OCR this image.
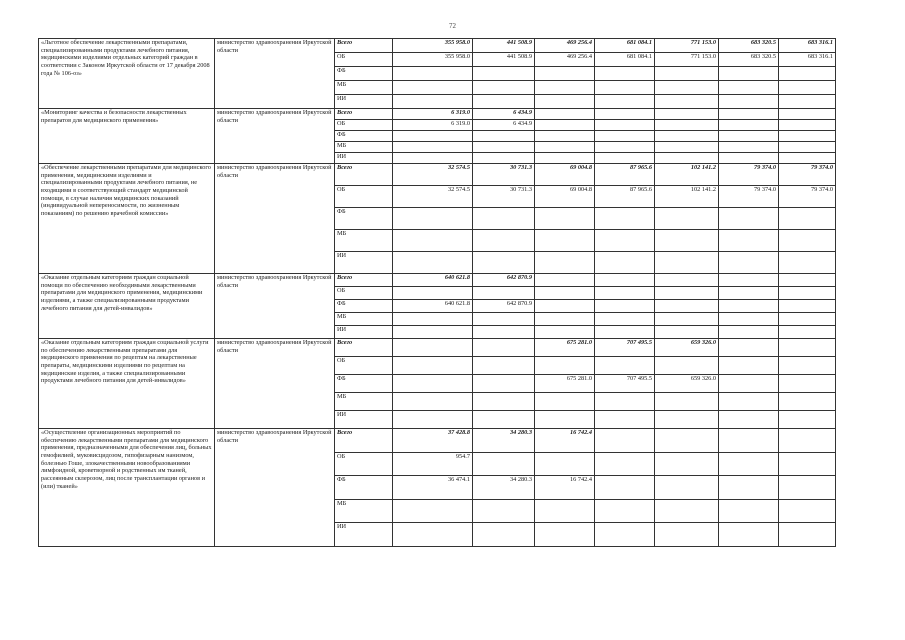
72
«Льготное обеспечение лекарственными препаратами, специализированными продуктами лечебного питания, медицинскими изделиями отдельных категорий граждан в соответствии с Законом Иркутской области от 17 декабря 2008 года № 106-оз»	министерство здравоохранения Иркутской области	Всего	355 958.0	441 508.9	469 256.4	681 084.1	771 153.0	683 320.5	683 316.1
		ОБ	355 958.0	441 508.9	469 256.4	681 084.1	771 153.0	683 320.5	683 316.1
		ФБ							
		МБ							
		ИИ							
«Мониторинг качества и безопасности лекарственных препаратов для медицинского применения»	министерство здравоохранения Иркутской области	Всего	6 319.0	6 434.9					
		ОБ	6 319.0	6 434.9					
		ФБ							
		МБ							
		ИИ							
«Обеспечение лекарственными препаратами для медицинского применения, медицинскими изделиями и специализированными продуктами лечебного питания, не входящими в соответствующий стандарт медицинской помощи, в случае наличия медицинских показаний (индивидуальной непереносимости, по жизненным показаниям) по решению врачебной комиссии»	министерство здравоохранения Иркутской области	Всего	32 574.5	30 731.3	69 004.8	87 965.6	102 141.2	79 374.0	79 374.0
		ОБ	32 574.5	30 731.3	69 004.8	87 965.6	102 141.2	79 374.0	79 374.0
		ФБ							
		МБ							
		ИИ							
«Оказание отдельным категориям граждан социальной помощи по обеспечению необходимыми лекарственными препаратами для медицинского применения, медицинскими изделиями, а также специализированными продуктами лечебного питания для детей-инвалидов»	министерство здравоохранения Иркутской области	Всего	640 621.8	642 870.9					
		ОБ							
		ФБ	640 621.8	642 870.9					
		МБ							
		ИИ							
«Оказание отдельным категориям граждан социальной услуги по обеспечению лекарственными препаратами для медицинского применения по рецептам на лекарственные препараты, медицинскими изделиями по рецептам на медицинские изделия, а также специализированными продуктами лечебного питания для детей-инвалидов»	министерство здравоохранения Иркутской области	Всего			675 281.0	707 495.5	659 326.0		
		ОБ							
		ФБ			675 281.0	707 495.5	659 326.0		
		МБ							
		ИИ							
«Осуществление организационных мероприятий по обеспечению лекарственными препаратами для медицинского применения, предназначенными для обеспечения лиц, больных гемофилией, муковисцидозом, гипофизарным нанизмом, болезнью Гоше, злокачественными новообразованиями лимфоидной, кроветворной и родственных им тканей, рассеянным склерозом, лиц после трансплантации органов и (или) тканей»	министерство здравоохранения Иркутской области	Всего	37 428.8	34 280.3	16 742.4				
		ОБ	954.7						
		ФБ	36 474.1	34 280.3	16 742.4				
		МБ							
		ИИ							
